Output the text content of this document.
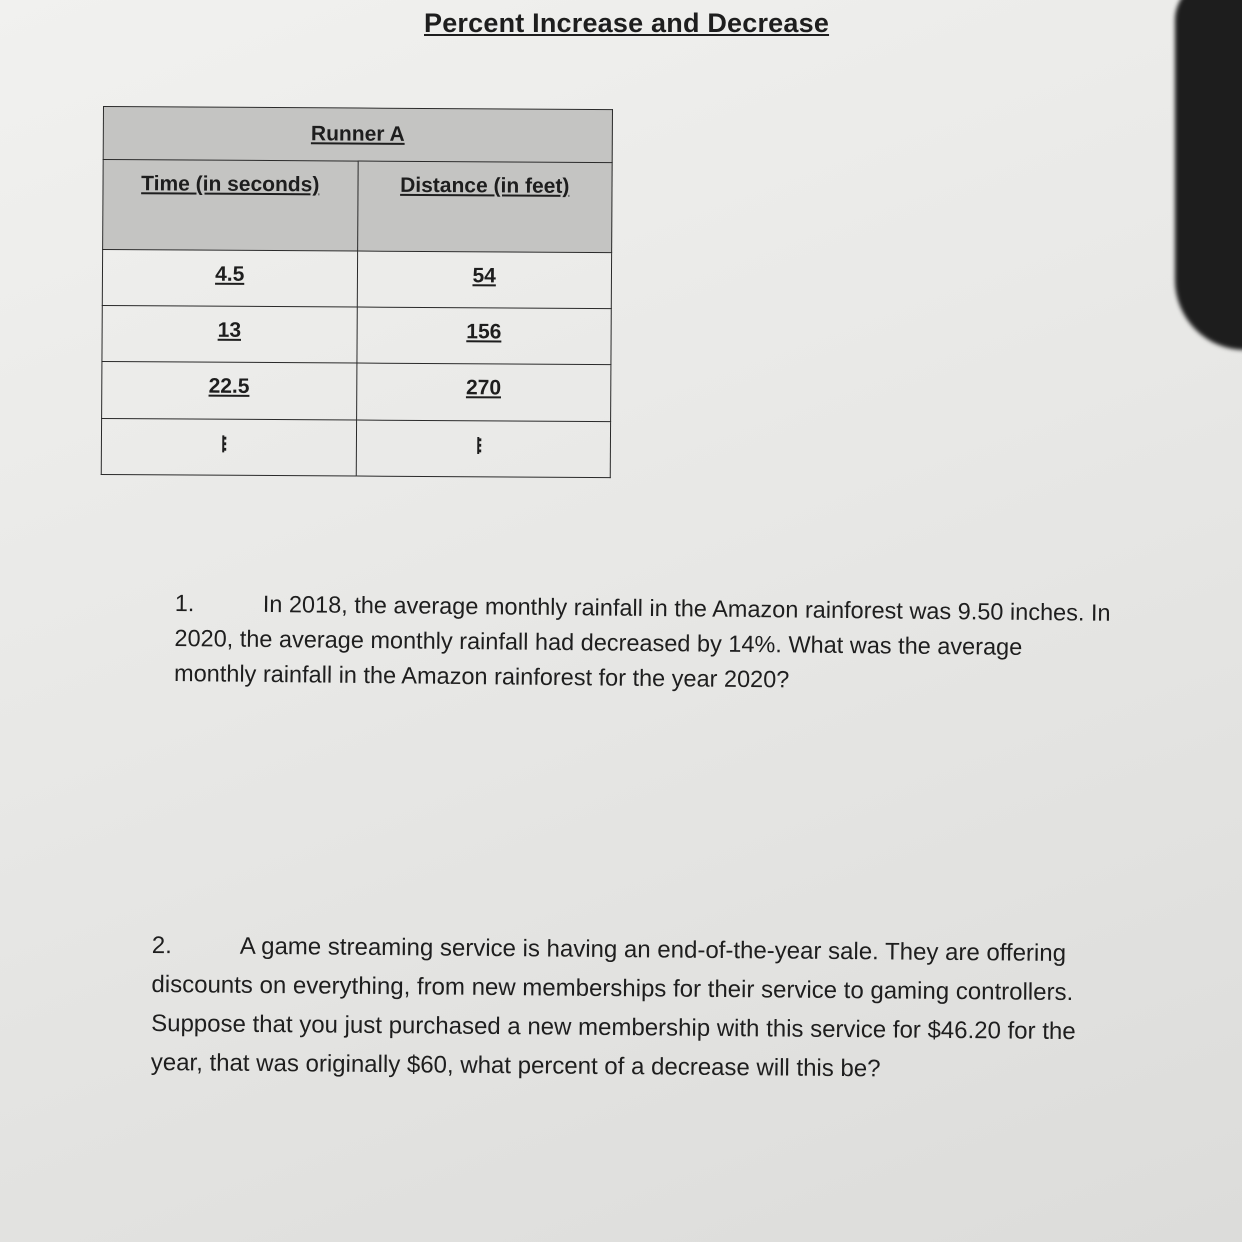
Percent Increase and Decrease
Runner A	
Time (in seconds)	Distance (in feet)
4.5	54
13	156
22.5	270
...	...
1.	In 2018, the average monthly rainfall in the Amazon rainforest was 9.50 inches. In
2020, the average monthly rainfall had decreased by 14%. What was the average
monthly rainfall in the Amazon rainforest for the year 2020?
2.	A game streaming service is having an end-of-the-year sale. They are offering
discounts on everything, from new memberships for their service to gaming controllers.
Suppose that you just purchased a new membership with this service for $46.20 for the
year, that was originally $60, what percent of a decrease will this be?
